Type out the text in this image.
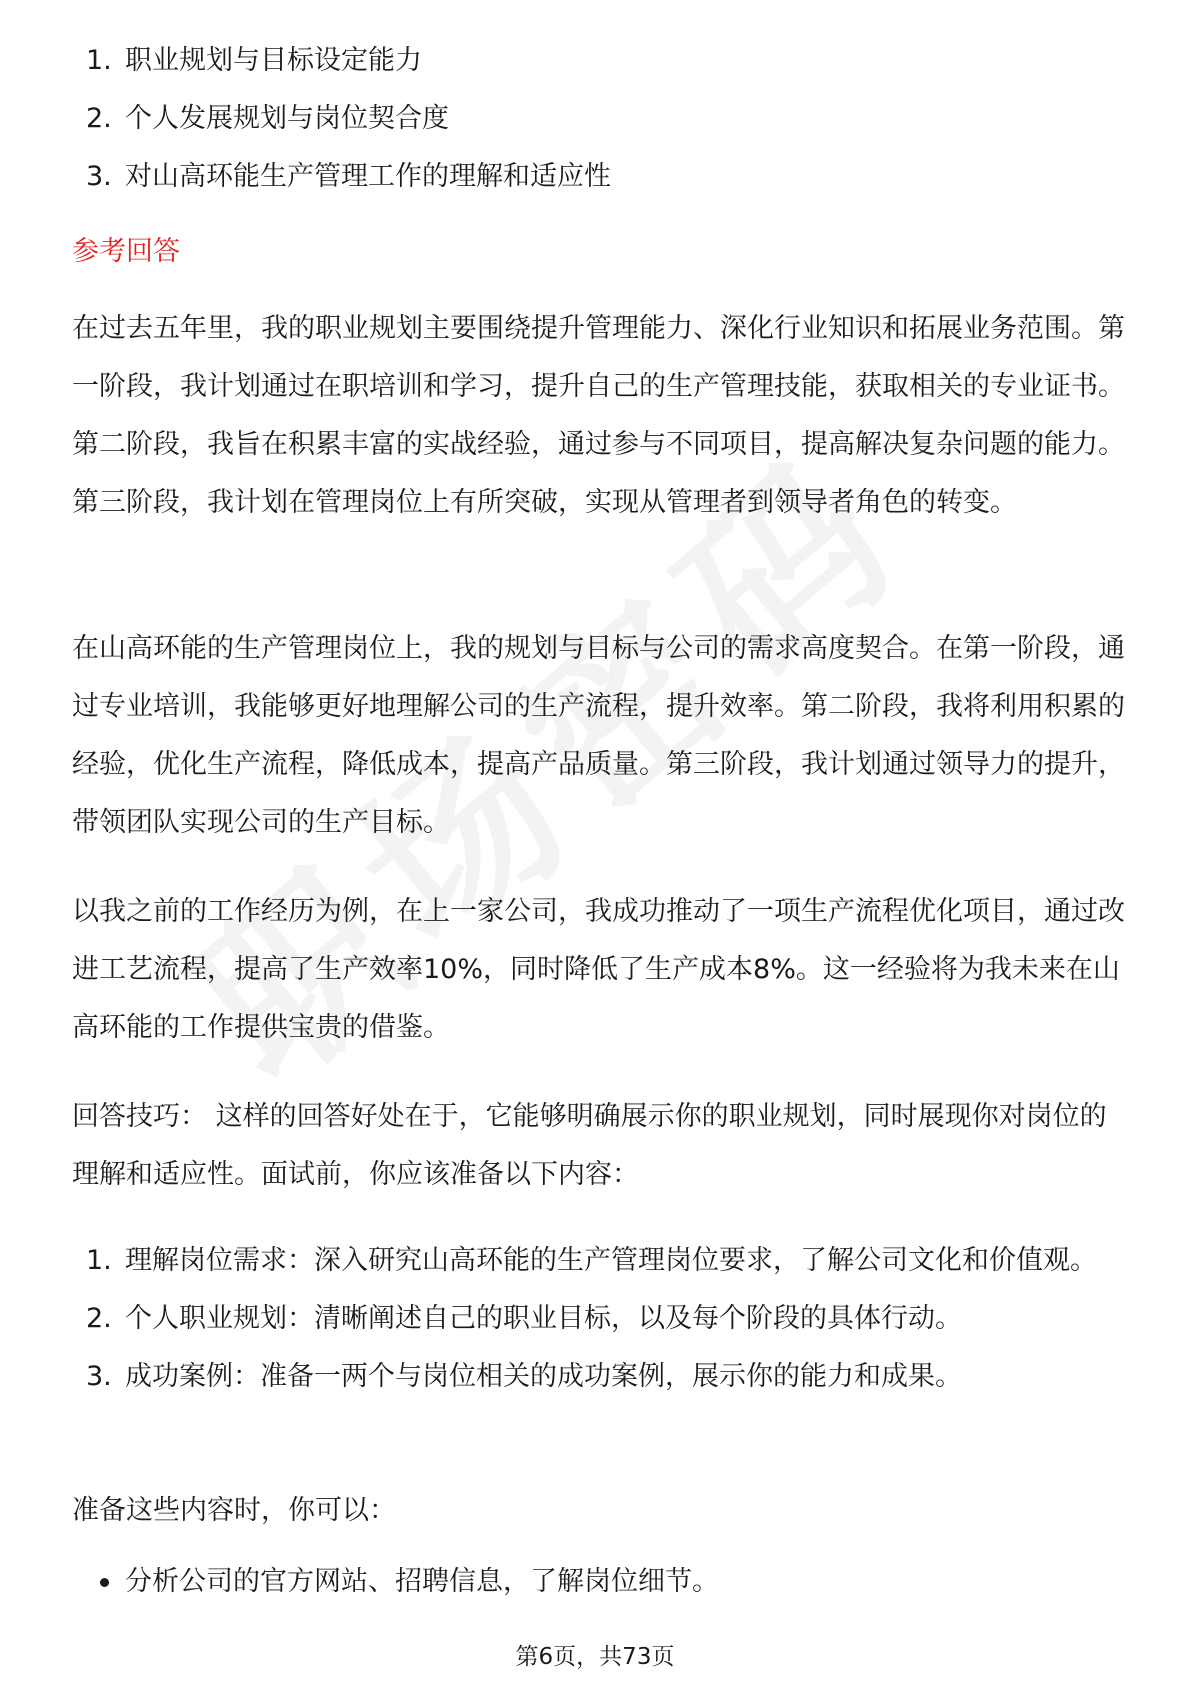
1. 职业规划与目标设定能力
2. 个人发展规划与岗位契合度
3. 对山高环能生产管理工作的理解和适应性
参考回答

在过去五年里，我的职业规划主要围绕提升管理能力、深化行业知识和拓展业务范围。第一阶段，我计划通过在职培训和学习，提升自己的生产管理技能，获取相关的专业证书。第二阶段，我旨在积累丰富的实战经验，通过参与不同项目，提高解决复杂问题的能力。第三阶段，我计划在管理岗位上有所突破，实现从管理者到领导者角色的转变。

在山高环能的生产管理岗位上，我的规划与目标与公司的需求高度契合。在第一阶段，通过专业培训，我能够更好地理解公司的生产流程，提升效率。第二阶段，我将利用积累的经验，优化生产流程，降低成本，提高产品质量。第三阶段，我计划通过领导力的提升，带领团队实现公司的生产目标。

以我之前的工作经历为例，在上一家公司，我成功推动了一项生产流程优化项目，通过改进工艺流程，提高了生产效率10%，同时降低了生产成本8%。这一经验将为我未来在山高环能的工作提供宝贵的借鉴。

回答技巧： 这样的回答好处在于，它能够明确展示你的职业规划，同时展现你对岗位的理解和适应性。面试前，你应该准备以下内容：

1. 理解岗位需求：深入研究山高环能的生产管理岗位要求，了解公司文化和价值观。
2. 个人职业规划：清晰阐述自己的职业目标，以及每个阶段的具体行动。
3. 成功案例：准备一两个与岗位相关的成功案例，展示你的能力和成果。

准备这些内容时，你可以：

分析公司的官方网站、招聘信息，了解岗位细节。
第6页，共73页
